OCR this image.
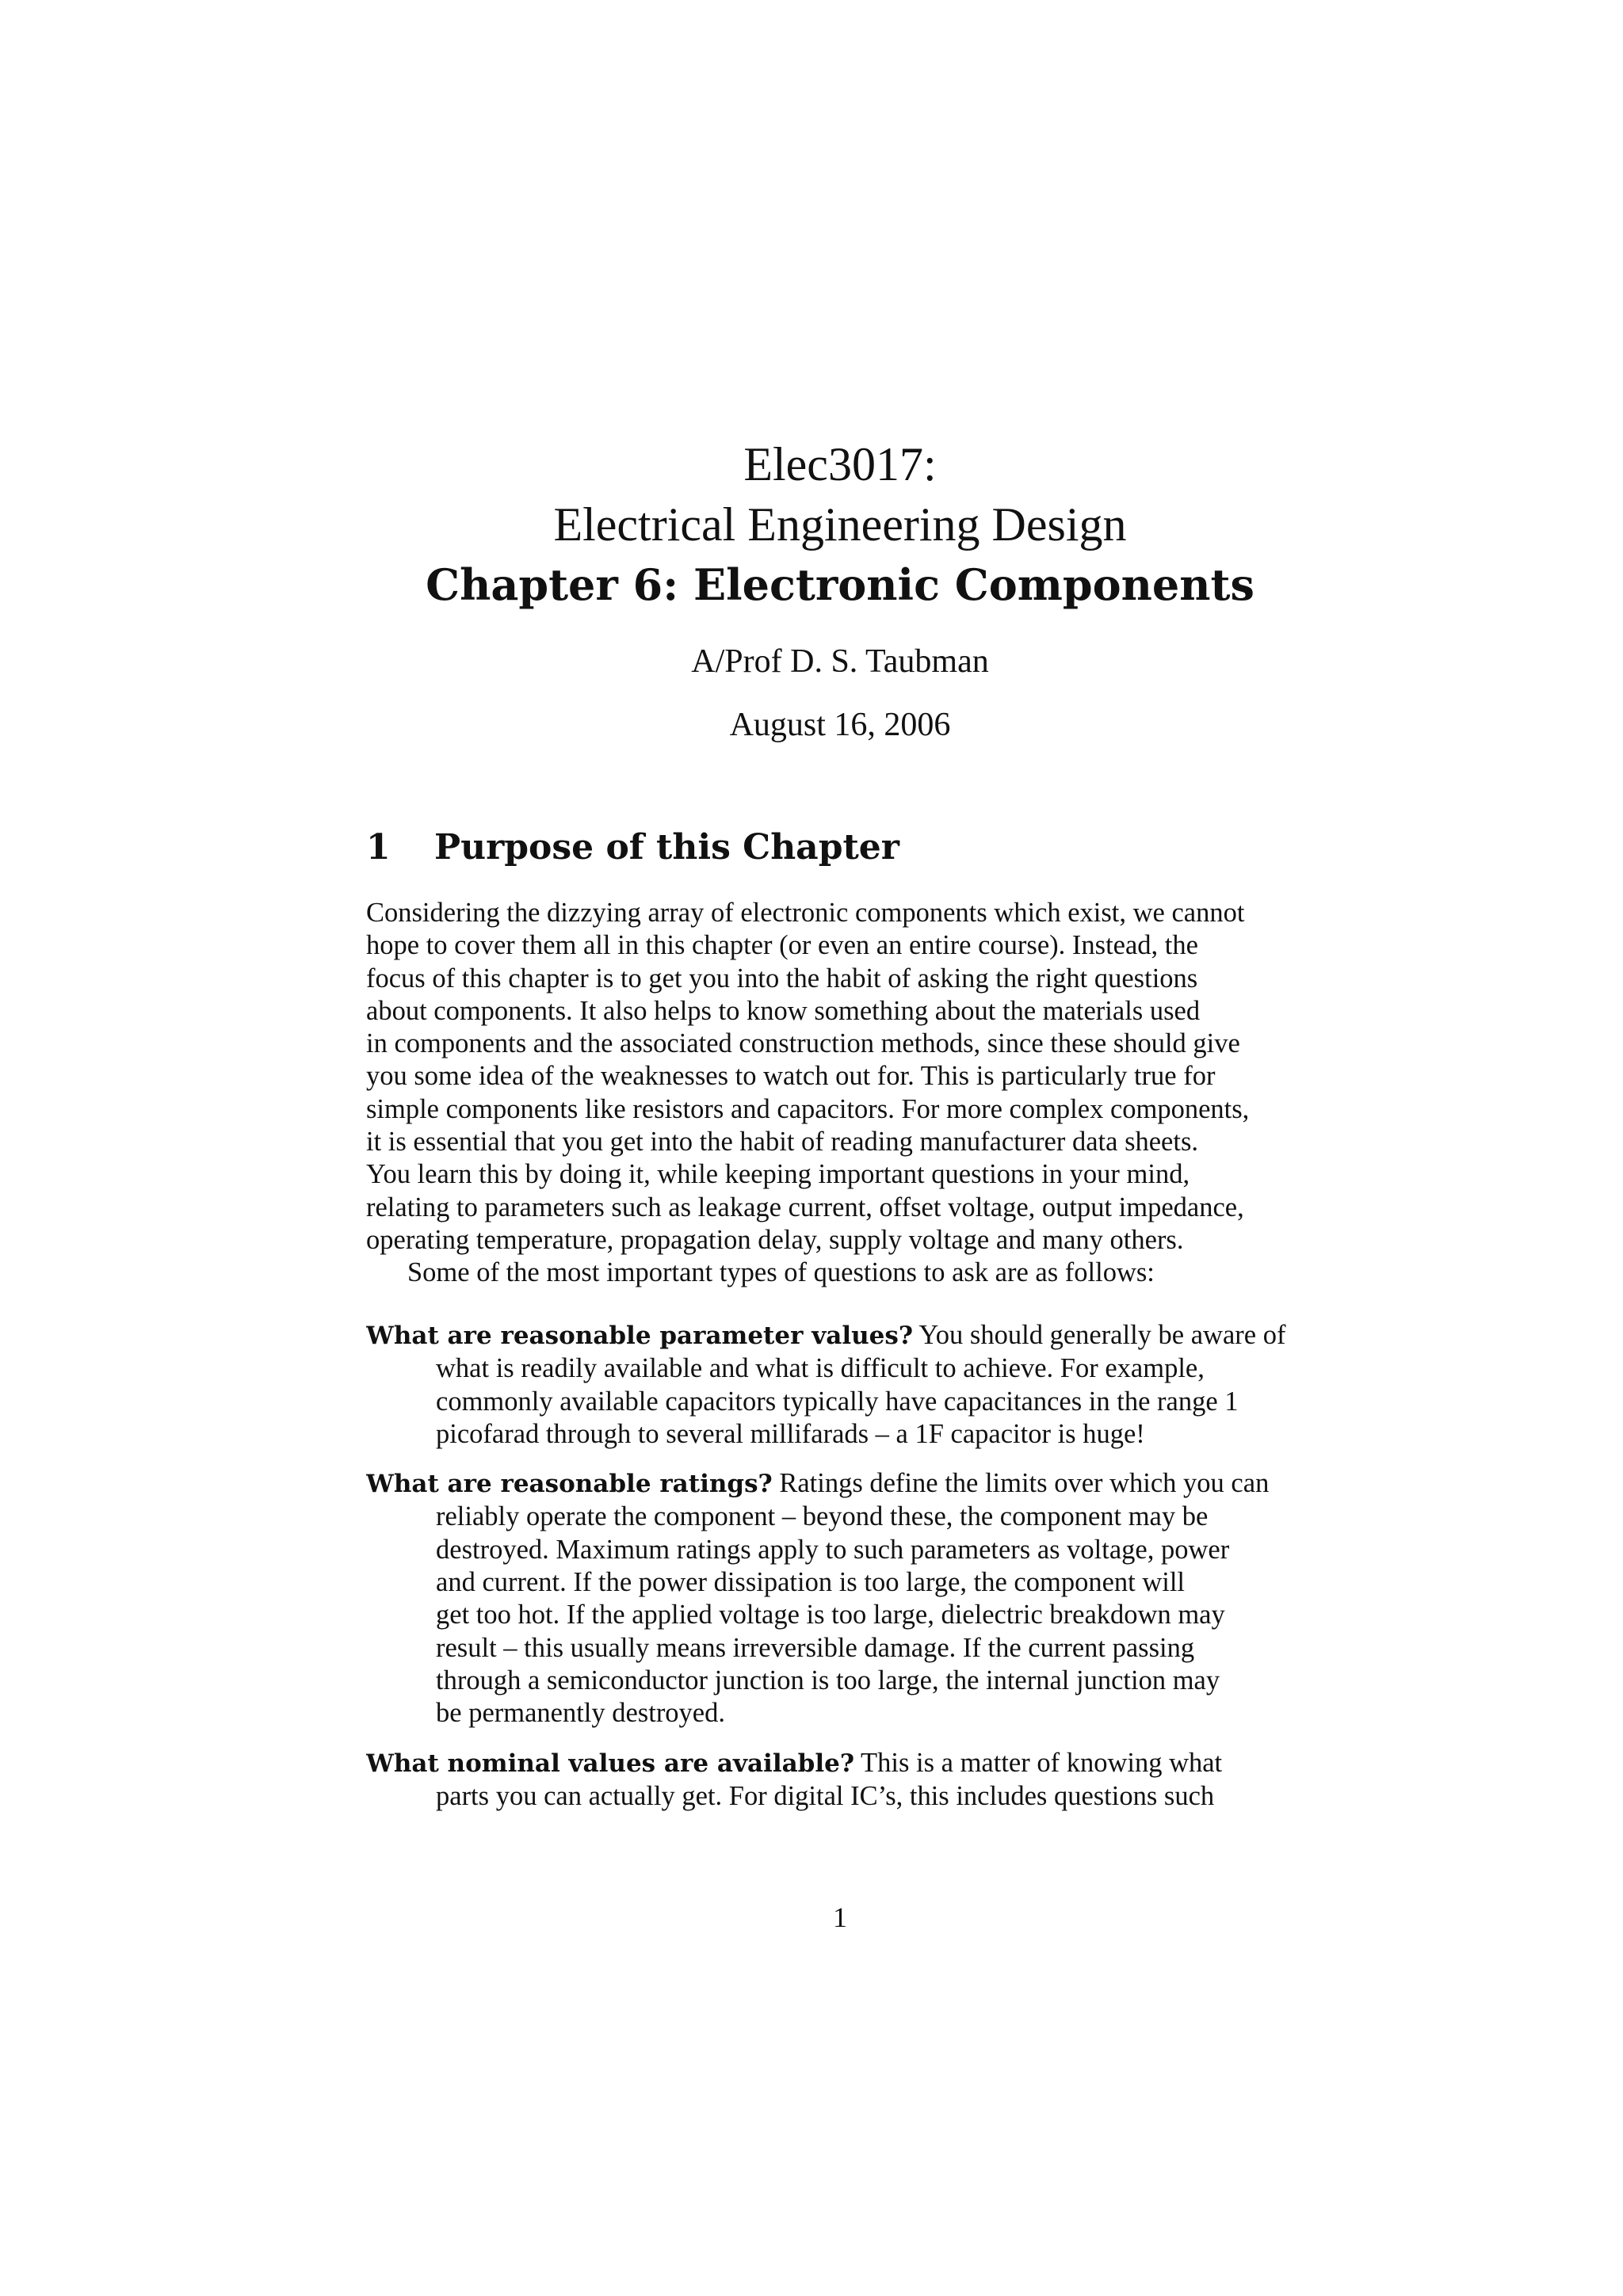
Elec3017:
Electrical Engineering Design
Chapter 6: Electronic Components
A/Prof D. S. Taubman
August 16, 2006
1 Purpose of this Chapter
Considering the dizzying array of electronic components which exist, we cannot
hope to cover them all in this chapter (or even an entire course). Instead, the
focus of this chapter is to get you into the habit of asking the right questions
about components. It also helps to know something about the materials used
in components and the associated construction methods, since these should give
you some idea of the weaknesses to watch out for. This is particularly true for
simple components like resistors and capacitors. For more complex components,
it is essential that you get into the habit of reading manufacturer data sheets.
You learn this by doing it, while keeping important questions in your mind,
relating to parameters such as leakage current, offset voltage, output impedance,
operating temperature, propagation delay, supply voltage and many others.
Some of the most important types of questions to ask are as follows:
What are reasonable parameter values? You should generally be aware of
what is readily available and what is difficult to achieve. For example,
commonly available capacitors typically have capacitances in the range 1
picofarad through to several millifarads – a 1F capacitor is huge!
What are reasonable ratings? Ratings define the limits over which you can
reliably operate the component – beyond these, the component may be
destroyed. Maximum ratings apply to such parameters as voltage, power
and current. If the power dissipation is too large, the component will
get too hot. If the applied voltage is too large, dielectric breakdown may
result – this usually means irreversible damage. If the current passing
through a semiconductor junction is too large, the internal junction may
be permanently destroyed.
What nominal values are available? This is a matter of knowing what
parts you can actually get. For digital IC’s, this includes questions such
1
